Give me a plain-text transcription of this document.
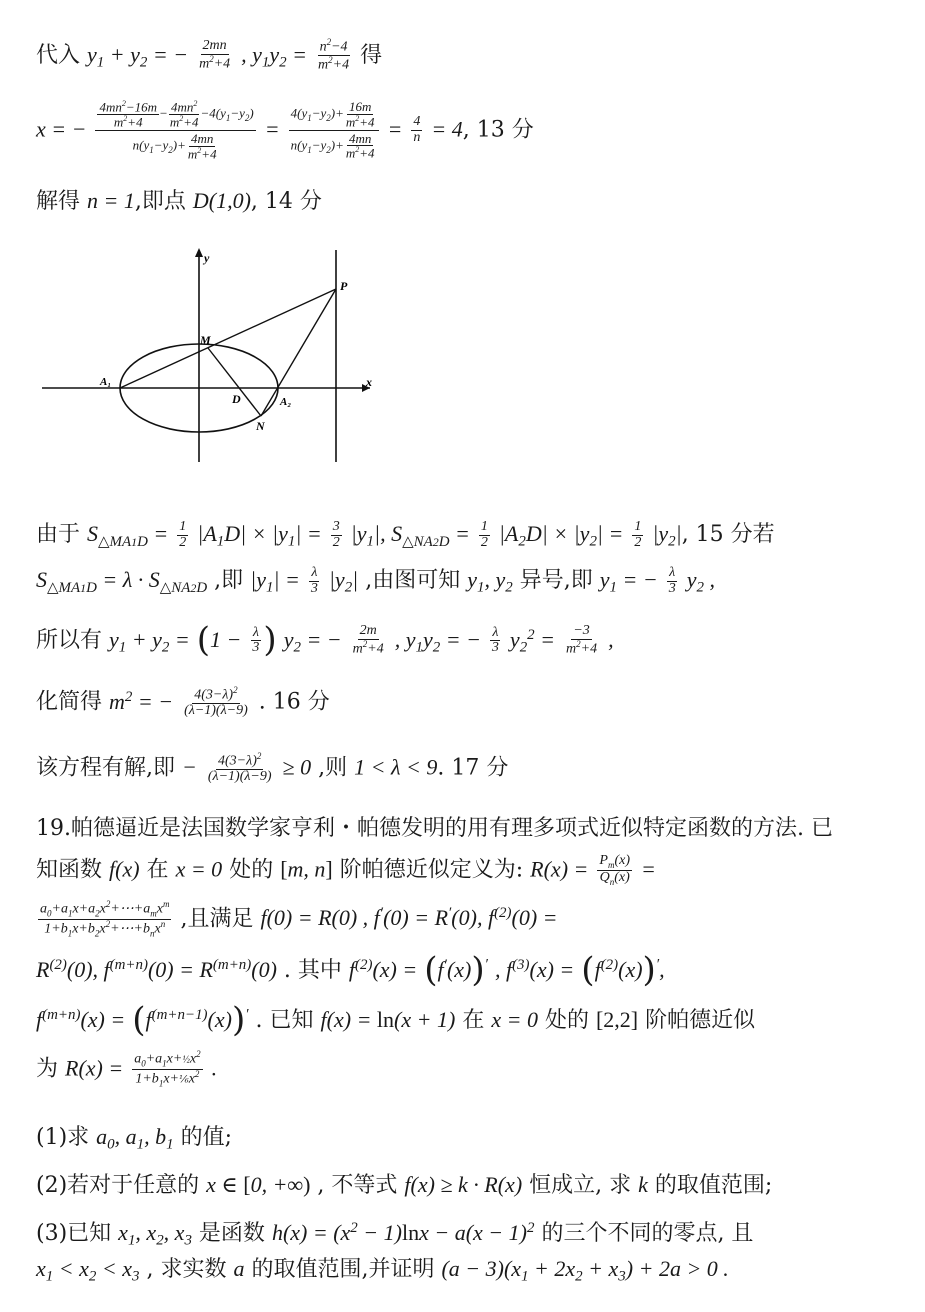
代入 $y_1 + y_2$ = − $\frac{2mn}{m^2+4}$ , $y_1y_2 = \frac{n^2-4}{m^2+4}$ 得
x = − $\frac{\frac{4mn^2-16m}{m^2+4} - \frac{4mn^2}{m^2+4} -4(y_1-y_2)}{n(y_1-y_2)+ \frac{4mn}{m^2+4}} = \frac{4(y_1-y_2)+ \frac{16m}{m^2+4}}{n(y_1-y_2)+ \frac{4mn}{m^2+4}} = \frac{4}{n} = 4$, 13 分
解得 n = 1,即点 D(1,0), 14 分
y
x
P
M
A₁
A₂
D
N
由于 $S_{\triangle MA1D} = \frac{1}{2} |A_1D| \times |y_1| = \frac{3}{2} |y_1|$, $S_{\triangle NA2D} = \frac{1}{2} |A_2D| \times |y_2| = \frac{1}{2} |y_2|$, 15 分若
$S_{\triangle MA1D} = \lambda \cdot S_{\triangle NA2D}$ ,即 $|y_1| = \frac{\lambda}{3} |y_2|$ ,由图可知 $y_1$, $y_2$ 异号,即 $y_1$ = − $\frac{\lambda}{3} y_2$ ,
所以有 $y_1 + y_2 = (1 - \frac{\lambda}{3}$ ) $y_2$ = − $\frac{2m}{m^2+4}$ , $y_1y_2$ = − $\frac{\lambda}{3} y_2^2 = \frac{-3}{m^2+4}$ ,
化简得 $m^2$ = − $\frac{4(3-\lambda)^2}{(\lambda-1)(\lambda-9)}$ . 16 分
该方程有解,即 − $\frac{4(3-\lambda)^2}{(\lambda-1)(\lambda-9)} \ge 0$ ,则 1 < λ < 9. 17 分
19.帕德逼近是法国数学家亨利・帕德发明的用有理多项式近似特定函数的方法. 已
知函数 f(x) 在 x = 0 处的 [m, n] 阶帕德近似定义为: $R(x) = \frac{P_m(x)}{Q_n(x)}$ =
$\frac{a_0+a_1x+a_2x^2+\cdots+a_mx^m}{1+b_1x+b_2x^2+\cdots+b_nx^n}$ ,且满足 f(0) = R(0) , f′(0) = R′(0), $f^{(2)}(0)$ =
$R^{(2)}(0)$, $f^{(m+n)}(0) = R^{(m+n)}(0)$ . 其中 $f^{(2)}(x) = (f'(x))'$ , $f^{(3)}(x) = (f^{(2)}(x))'$,
$f^{(m+n)}(x) = (f^{(m+n-1)}(x))'$ . 已知 f(x) = ln(x + 1) 在 x = 0 处的 [2,2] 阶帕德近似
为 $R(x) = \frac{a_0+a_1x+\frac{1}{2}x^2}{1+b_1x+\frac{1}{6}x^2}$ .
(1)求 $a_0$, $a_1$, $b_1$ 的值;
(2)若对于任意的 x ∈ [0, +∞) , 不等式 f(x) ≥ k · R(x) 恒成立, 求 k 的取值范围;
(3)已知 $x_1$, $x_2$, $x_3$ 是函数 $h(x) = (x^2 - 1)\ln x - a(x - 1)^2$ 的三个不同的零点, 且
$x_1 < x_2 < x_3$ , 求实数 a 的取值范围,并证明 $(a - 3)(x_1 + 2x_2 + x_3) + 2a > 0$ .
